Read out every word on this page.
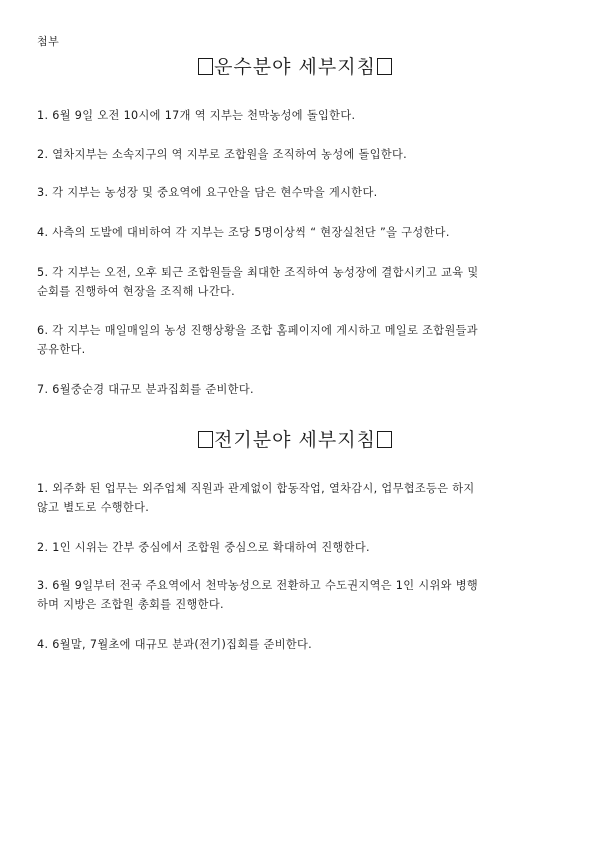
첨부
운수분야 세부지침
1. 6월 9일 오전 10시에 17개 역 지부는 천막농성에 돌입한다.
2. 열차지부는 소속지구의 역 지부로 조합원을 조직하여 농성에 돌입한다.
3. 각 지부는 농성장 및 중요역에 요구안을 담은 현수막을 게시한다.
4. 사측의 도발에 대비하여 각 지부는 조당 5명이상씩 “ 현장실천단 ”을 구성한다.
5. 각 지부는 오전, 오후 퇴근 조합원들을 최대한 조직하여 농성장에 결합시키고 교육 및
순회를 진행하여 현장을 조직해 나간다.
6. 각 지부는 매일매일의 농성 진행상황을 조합 홈페이지에 게시하고 메일로 조합원들과
공유한다.
7. 6월중순경 대규모 분과집회를 준비한다.
전기분야 세부지침
1. 외주화 된 업무는 외주업체 직원과 관계없이 합동작업, 열차감시, 업무협조등은 하지
않고 별도로 수행한다.
2. 1인 시위는 간부 중심에서 조합원 중심으로 확대하여 진행한다.
3. 6월 9일부터 전국 주요역에서 천막농성으로 전환하고 수도권지역은 1인 시위와 병행
하며 지방은 조합원 총회를 진행한다.
4. 6월말, 7월초에 대규모 분과(전기)집회를 준비한다.
